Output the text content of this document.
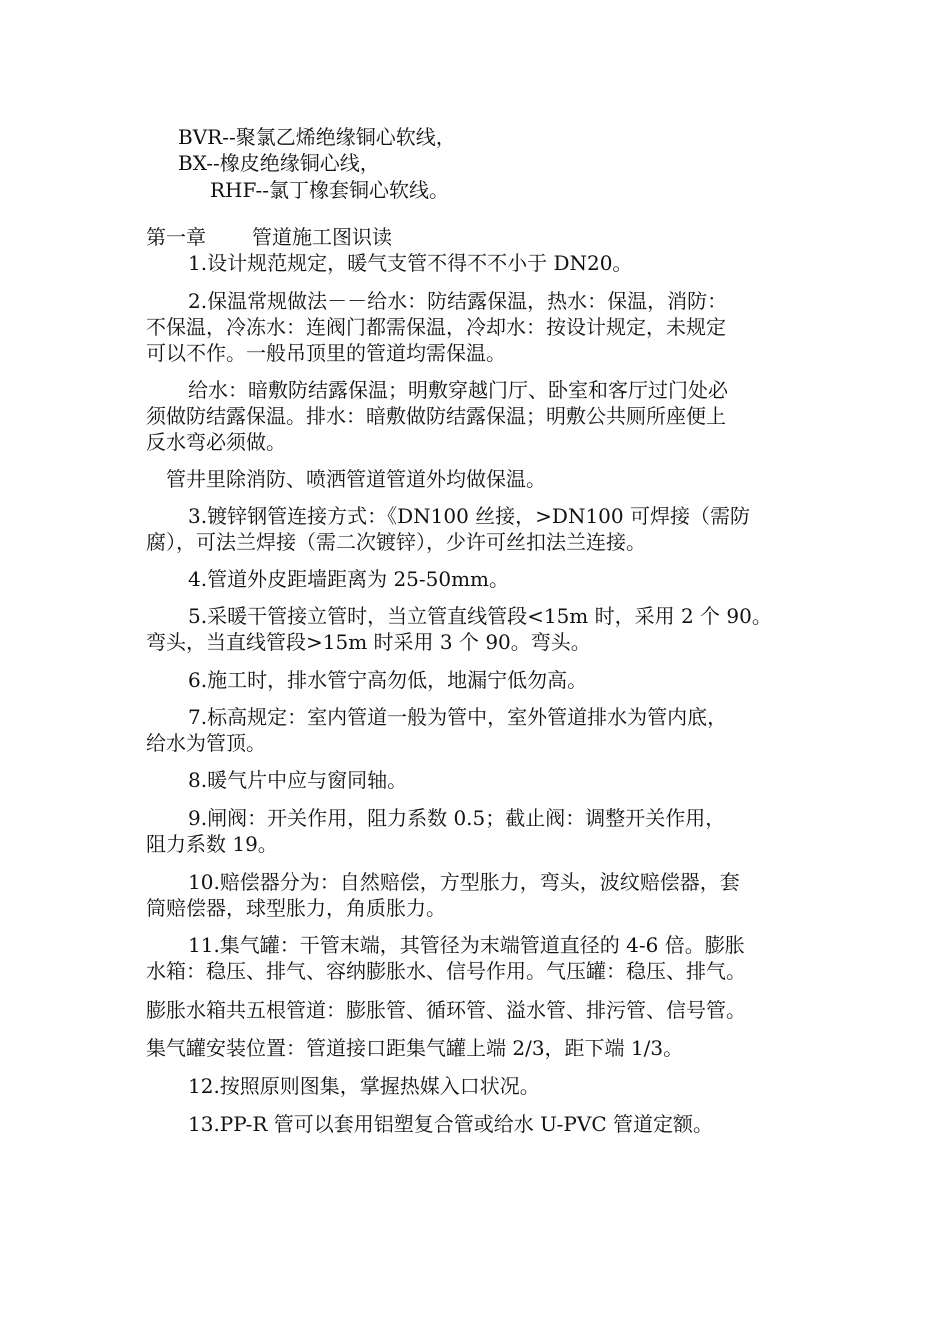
BVR--聚氯乙烯绝缘铜心软线，
BX--橡皮绝缘铜心线，
RHF--氯丁橡套铜心软线。
第一章 管道施工图识读
1.设计规范规定，暖气支管不得不不小于 DN20。
2.保温常规做法－－给水：防结露保温，热水：保温，消防：
不保温，冷冻水：连阀门都需保温，冷却水：按设计规定，未规定
可以不作。一般吊顶里的管道均需保温。
给水：暗敷防结露保温；明敷穿越门厅、卧室和客厅过门处必
须做防结露保温。排水：暗敷做防结露保温；明敷公共厕所座便上
反水弯必须做。
管井里除消防、喷洒管道管道外均做保温。
3.镀锌钢管连接方式：《DN100 丝接，>DN100 可焊接（需防
腐），可法兰焊接（需二次镀锌），少许可丝扣法兰连接。
4.管道外皮距墙距离为 25-50mm。
5.采暖干管接立管时，当立管直线管段<15m 时，采用 2 个 90。
弯头，当直线管段>15m 时采用 3 个 90。弯头。
6.施工时，排水管宁高勿低，地漏宁低勿高。
7.标高规定：室内管道一般为管中，室外管道排水为管内底，
给水为管顶。
8.暖气片中应与窗同轴。
9.闸阀：开关作用，阻力系数 0.5；截止阀：调整开关作用，
阻力系数 19。
10.赔偿器分为：自然赔偿，方型胀力，弯头，波纹赔偿器，套
筒赔偿器，球型胀力，角质胀力。
11.集气罐：干管末端，其管径为末端管道直径的 4-6 倍。膨胀
水箱：稳压、排气、容纳膨胀水、信号作用。气压罐：稳压、排气。
膨胀水箱共五根管道：膨胀管、循环管、溢水管、排污管、信号管。
集气罐安装位置：管道接口距集气罐上端 2/3，距下端 1/3。
12.按照原则图集，掌握热媒入口状况。
13.PP-R 管可以套用铝塑复合管或给水 U-PVC 管道定额。
